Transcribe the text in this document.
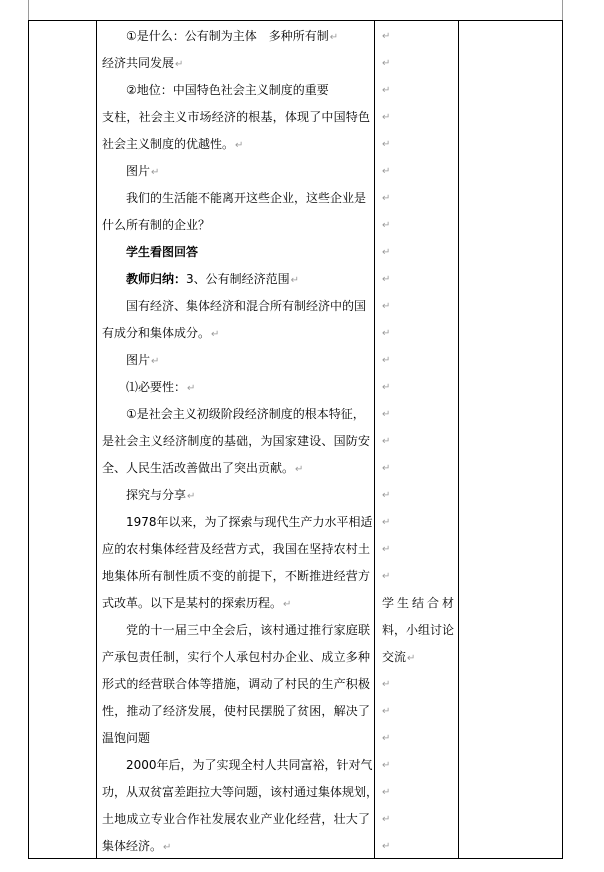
①是什么：公有制为主体　多种所有制 ↵
经济共同发展 ↵
②地位：中国特色社会主义制度的重要
支柱，社会主义市场经济的根基，体现了中国特色
社会主义制度的优越性。 ↵
图片 ↵
我们的生活能不能离开这些企业，这些企业是
什么所有制的企业？
学生看图回答
教师归纳：3、公有制经济范围 ↵
国有经济、集体经济和混合所有制经济中的国
有成分和集体成分。 ↵
图片 ↵
⑴必要性： ↵
①是社会主义初级阶段经济制度的根本特征，
是社会主义经济制度的基础，为国家建设、国防安
全、人民生活改善做出了突出贡献。 ↵
探究与分享 ↵
1978年以来，为了探索与现代生产力水平相适
应的农村集体经营及经营方式，我国在坚持农村土
地集体所有制性质不变的前提下，不断推进经营方
式改革。以下是某村的探索历程。 ↵
党的十一届三中全会后，该村通过推行家庭联
产承包责任制，实行个人承包村办企业、成立多种
形式的经营联合体等措施，调动了村民的生产积极
性，推动了经济发展，使村民摆脱了贫困，解决了
温饱问题
2000年后，为了实现全村人共同富裕，针对气
功，从双贫富差距拉大等问题，该村通过集体规划，
土地成立专业合作社发展农业产业化经营，壮大了
集体经济。 ↵
↵
↵
↵
↵
↵
↵
↵
↵
↵
↵
↵
↵
↵
↵
↵
↵
↵
↵
↵
↵
↵
学生结合材
料，小组讨论
交流 ↵
↵
↵
↵
↵
↵
↵
↵
